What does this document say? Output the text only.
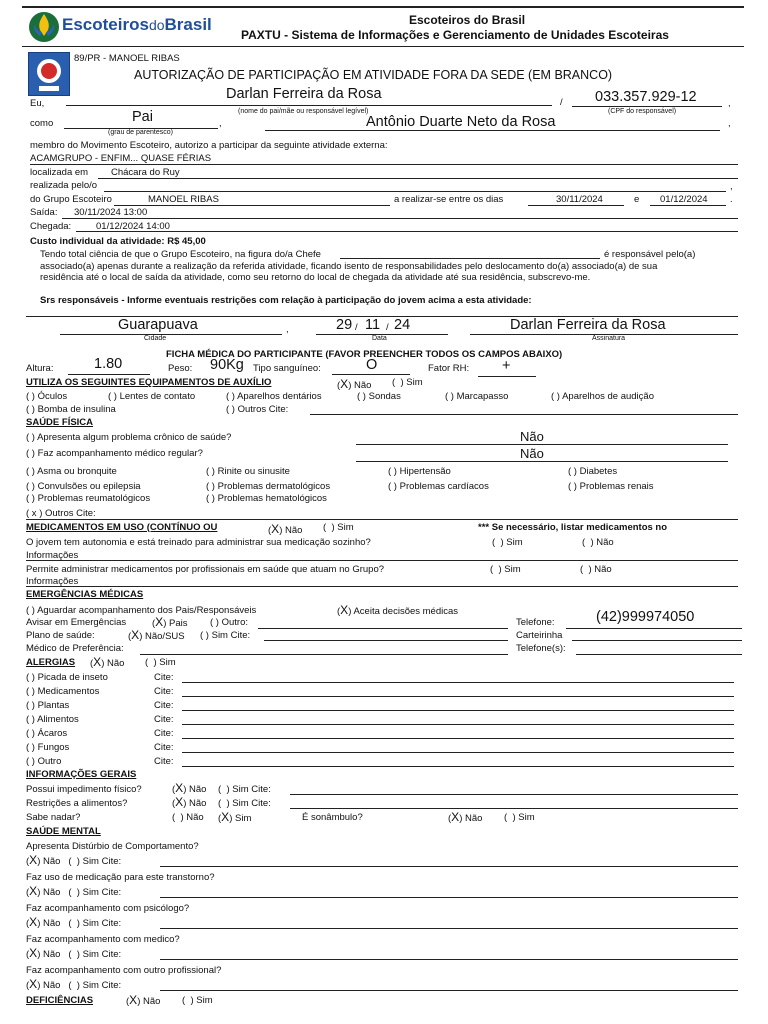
EscoteirosdoBrasil	Escoteiros do Brasil
PAXTU - Sistema de Informações e Gerenciamento de Unidades Escoteiras
89/PR - MANOEL RIBAS
AUTORIZAÇÃO DE PARTICIPAÇÃO EM ATIVIDADE FORA DA SEDE (EM BRANCO)
Eu,
Darlan Ferreira da Rosa
/ 033.357.929-12	,
(nome do pai/mãe ou responsável legível)	(CPF do responsável)
como	Pai	,	Antônio Duarte Neto da Rosa	,
(grau de parentesco)
membro do Movimento Escoteiro, autorizo a participar da seguinte atividade externa:
ACAMGRUPO - ENFIM... QUASE FÉRIAS
localizada em Chácara do Ruy
realizada pelo/o	,
do Grupo Escoteiro	MANOEL RIBAS	a realizar-se entre os dias	30/11/2024	e 01/12/2024 .
Saída: 30/11/2024 13:00
Chegada:	01/12/2024 14:00
Custo individual da atividade: R$ 45,00
Tendo total ciência de que o Grupo Escoteiro, na figura do/a Chefe	é responsável pelo(a)
associado(a) apenas durante a realização da referida atividade, ficando isento de responsabilidades pelo deslocamento do(a) associado(a) de sua
residência até o local de saída da atividade, como seu retorno do local de chegada da atividade até sua residência, subscrevo-me.
Srs responsáveis - Informe eventuais restrições com relação à participação do jovem acima a esta atividade:
Guarapuava	,	29 / 11 / 24	Darlan Ferreira da Rosa
Cidade	Data	Assinatura
FICHA MÉDICA DO PARTICIPANTE (FAVOR PREENCHER TODOS OS CAMPOS ABAIXO)
Altura:	1.80	Peso: 90Kg Tipo sanguíneo:	O	Fator RH: +
UTILIZA OS SEGUINTES EQUIPAMENTOS DE AUXÍLIO	(X) Não (  ) Sim
( ) Óculos	( ) Lentes de contato	( ) Aparelhos dentários	( ) Sondas	( ) Marcapasso	( ) Aparelhos de audição
( ) Bomba de insulina	( ) Outros Cite:
SAÚDE FÍSICA
( ) Apresenta algum problema crônico de saúde?	Não
( ) Faz acompanhamento médico regular?	Não
( ) Asma ou bronquite	( ) Rinite ou sinusite	( ) Hipertensão	( ) Diabetes
( ) Convulsões ou epilepsia	( ) Problemas dermatológicos	( ) Problemas cardíacos	( ) Problemas renais
( ) Problemas reumatológicos	( ) Problemas hematológicos
( x ) Outros Cite:
MEDICAMENTOS EM USO (CONTÍNUO OU	(X) Não (  ) Sim	*** Se necessário, listar medicamentos no
O jovem tem autonomia e está treinado para administrar sua medicação sozinho?	(  ) Sim	(  ) Não
Informações
Permite administrar medicamentos por profissionais em saúde que atuam no Grupo?	(  ) Sim	(  ) Não
Informações
EMERGÊNCIAS MÉDICAS
( ) Aguardar acompanhamento dos Pais/Responsáveis	(X) Aceita decisões médicas
Avisar em Emergências	(X) Pais ( ) Outro:	Telefone:	(42)999974050
Plano de saúde:	(X) Não/SUS ( ) Sim Cite:	Carteirinha
Médico de Preferência:	Telefone(s):
ALERGIAS (X) Não (  ) Sim
( ) Picada de inseto	Cite:
( ) Medicamentos	Cite:
( ) Plantas	Cite:
( ) Alimentos	Cite:
( ) Ácaros	Cite:
( ) Fungos	Cite:
( ) Outro	Cite:
INFORMAÇÕES GERAIS
Possui impedimento físico?	(X) Não (  ) Sim Cite:
Restrições a alimentos?	(X) Não (  ) Sim Cite:
Sabe nadar?	(  ) Não (X) Sim	É sonâmbulo?	(X) Não (  ) Sim
SAÚDE MENTAL
Apresenta Distúrbio de Comportamento?
(X) Não   (  ) Sim Cite:
Faz uso de medicação para este transtorno?
(X) Não   (  ) Sim Cite:
Faz acompanhamento com psicólogo?
(X) Não   (  ) Sim Cite:
Faz acompanhamento com medico?
(X) Não   (  ) Sim Cite:
Faz acompanhamento com outro profissional?
(X) Não   (  ) Sim Cite:
DEFICIÊNCIAS	(X) Não (  ) Sim
